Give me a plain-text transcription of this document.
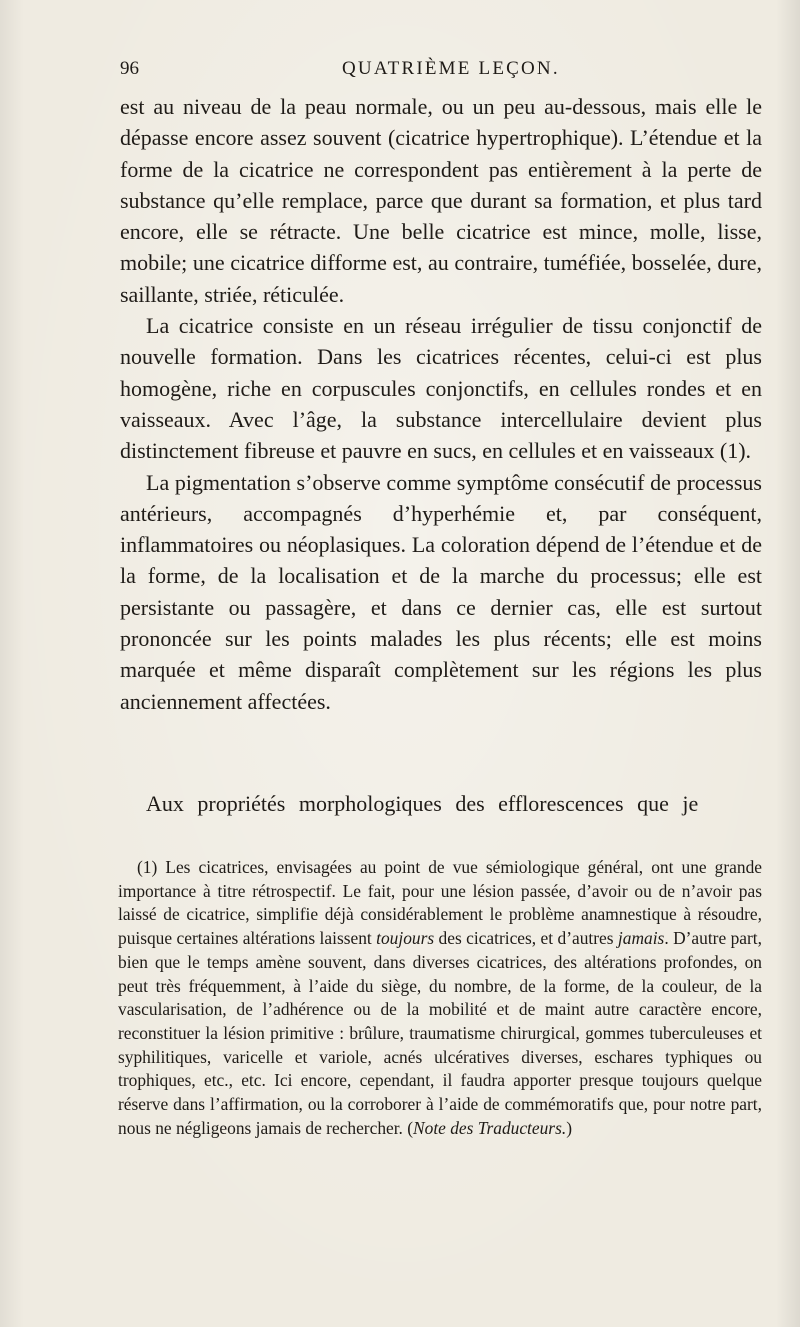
96	QUATRIÈME LEÇON.

est au niveau de la peau normale, ou un peu au-dessous, mais elle le dépasse encore assez souvent (cicatrice hypertrophique). L’étendue et la forme de la cicatrice ne correspondent pas entièrement à la perte de substance qu’elle remplace, parce que durant sa formation, et plus tard encore, elle se rétracte. Une belle cicatrice est mince, molle, lisse, mobile; une cicatrice difforme est, au contraire, tuméfiée, bosselée, dure, saillante, striée, réticulée.

La cicatrice consiste en un réseau irrégulier de tissu conjonctif de nouvelle formation. Dans les cicatrices récentes, celui-ci est plus homogène, riche en corpuscules conjonctifs, en cellules rondes et en vaisseaux. Avec l’âge, la substance intercellulaire devient plus distinctement fibreuse et pauvre en sucs, en cellules et en vaisseaux (1).

La pigmentation s’observe comme symptôme consécutif de processus antérieurs, accompagnés d’hyperhémie et, par conséquent, inflammatoires ou néoplasiques. La coloration dépend de l’étendue et de la forme, de la localisation et de la marche du processus; elle est persistante ou passagère, et dans ce dernier cas, elle est surtout prononcée sur les points malades les plus récents; elle est moins marquée et même disparaît complètement sur les régions les plus anciennement affectées.

Aux propriétés morphologiques des efflorescences que je

(1) Les cicatrices, envisagées au point de vue sémiologique général, ont une grande importance à titre rétrospectif. Le fait, pour une lésion passée, d’avoir ou de n’avoir pas laissé de cicatrice, simplifie déjà considérablement le problème anamnestique à résoudre, puisque certaines altérations laissent toujours des cicatrices, et d’autres jamais. D’autre part, bien que le temps amène souvent, dans diverses cicatrices, des altérations profondes, on peut très fréquemment, à l’aide du siège, du nombre, de la forme, de la couleur, de la vascularisation, de l’adhérence ou de la mobilité et de maint autre caractère encore, reconstituer la lésion primitive : brûlure, traumatisme chirurgical, gommes tuberculeuses et syphilitiques, varicelle et variole, acnés ulcératives diverses, eschares typhiques ou trophiques, etc., etc. Ici encore, cependant, il faudra apporter presque toujours quelque réserve dans l’affirmation, ou la corroborer à l’aide de commémoratifs que, pour notre part, nous ne négligeons jamais de rechercher. (Note des Traducteurs.)
